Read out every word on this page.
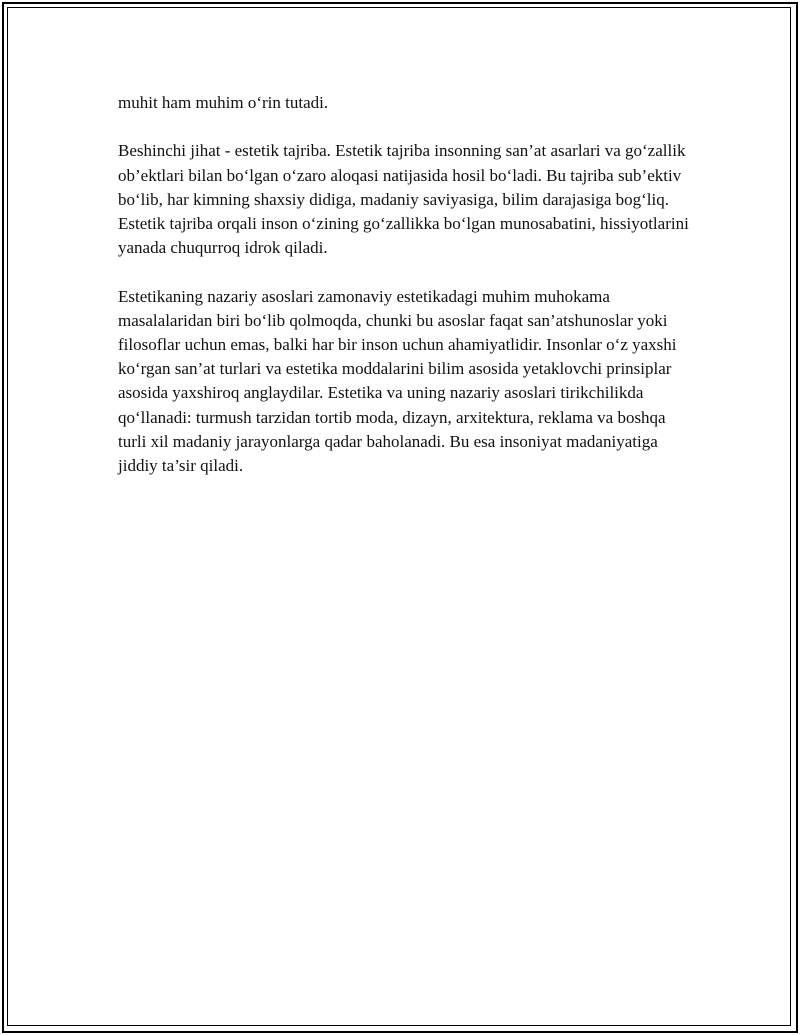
muhit ham muhim o‘rin tutadi.

Beshinchi jihat - estetik tajriba. Estetik tajriba insonning san’at asarlari va go‘zallik ob’ektlari bilan bo‘lgan o‘zaro aloqasi natijasida hosil bo‘ladi. Bu tajriba sub’ektiv bo‘lib, har kimning shaxsiy didiga, madaniy saviyasiga, bilim darajasiga bog‘liq. Estetik tajriba orqali inson o‘zining go‘zallikka bo‘lgan munosabatini, hissiyotlarini yanada chuqurroq idrok qiladi.

Estetikaning nazariy asoslari zamonaviy estetikadagi muhim muhokama masalalaridan biri bo‘lib qolmoqda, chunki bu asoslar faqat san’atshunoslar yoki filosoflar uchun emas, balki har bir inson uchun ahamiyatlidir. Insonlar o‘z yaxshi ko‘rgan san’at turlari va estetika moddalarini bilim asosida yetaklovchi prinsiplar asosida yaxshiroq anglaydilar. Estetika va uning nazariy asoslari tirikchilikda qo‘llanadi: turmush tarzidan tortib moda, dizayn, arxitektura, reklama va boshqa turli xil madaniy jarayonlarga qadar baholanadi. Bu esa insoniyat madaniyatiga jiddiy ta’sir qiladi.
